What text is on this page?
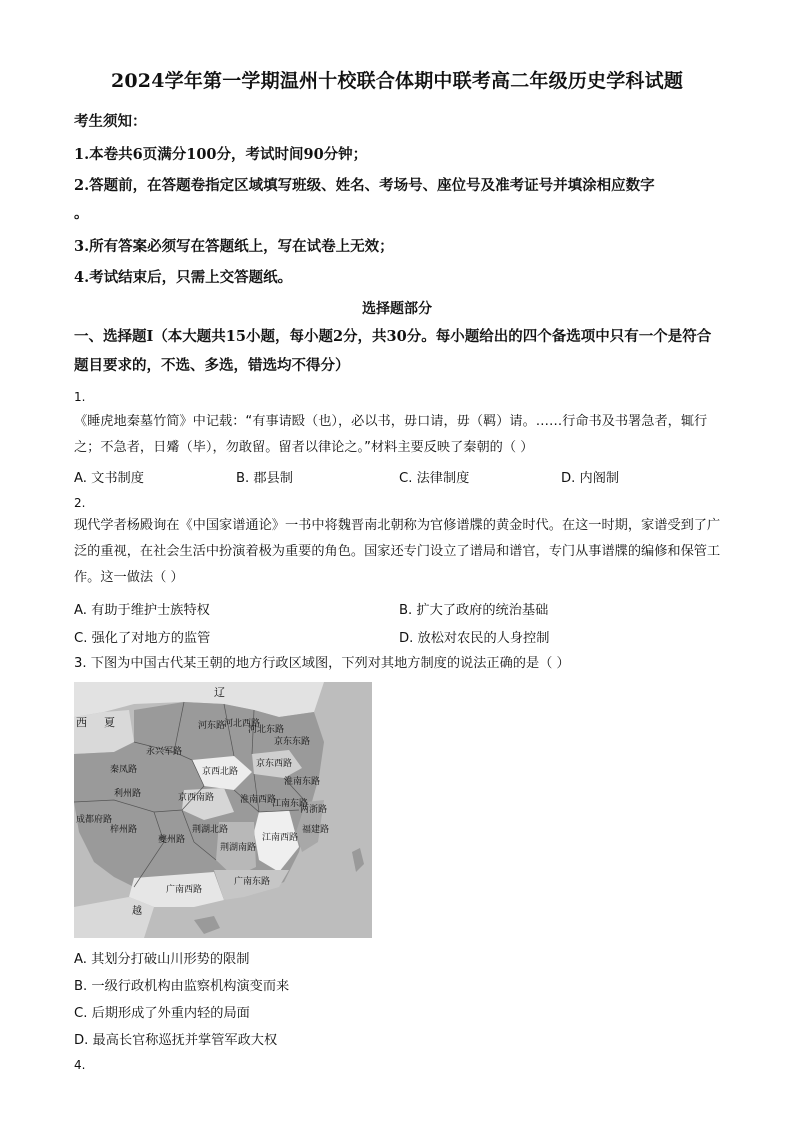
2024学年第一学期温州十校联合体期中联考高二年级历史学科试题
考生须知：
1.本卷共6页满分100分，考试时间90分钟；
2.答题前，在答题卷指定区域填写班级、姓名、考场号、座位号及准考证号并填涂相应数字
。
3.所有答案必须写在答题纸上，写在试卷上无效；
4.考试结束后，只需上交答题纸。
选择题部分
一、选择题Ⅰ（本大题共15小题，每小题2分，共30分。每小题给出的四个备选项中只有一个是符合题目要求的，不选、多选，错选均不得分）
1.
《睡虎地秦墓竹简》中记载：“有事请殹（也），必以书，毋口请，毋（羁）请。……行命书及书署急者，辄行之；不急者，日觱（毕），勿敢留。留者以律论之。”材料主要反映了秦朝的（ ）
A. 文书制度	B. 郡县制	C. 法律制度	D. 内阁制
2.
现代学者杨殿询在《中国家谱通论》一书中将魏晋南北朝称为官修谱牒的黄金时代。在这一时期，家谱受到了广泛的重视，在社会生活中扮演着极为重要的角色。国家还专门设立了谱局和谱官，专门从事谱牒的编修和保管工作。这一做法（ ）
A. 有助于维护士族特权	B. 扩大了政府的统治基础
C. 强化了对地方的监管	D. 放松对农民的人身控制
3. 下图为中国古代某王朝的地方行政区域图，下列对其地方制度的说法正确的是（ ）
辽
西 夏	河东路
河北西路
河北东路
京东东路
永兴军路
秦凤路	京西北路
京东西路
利州路	京西南路
淮南东路
淮南西路
成都府路
梓州路
夔州路
荆湖北路
两浙路
江南东路
江南西路
荆湖南路
福建路
广南东路
广南西路
越
A. 其划分打破山川形势的限制
B. 一级行政机构由监察机构演变而来
C. 后期形成了外重内轻的局面
D. 最高长官称巡抚并掌管军政大权
4.
